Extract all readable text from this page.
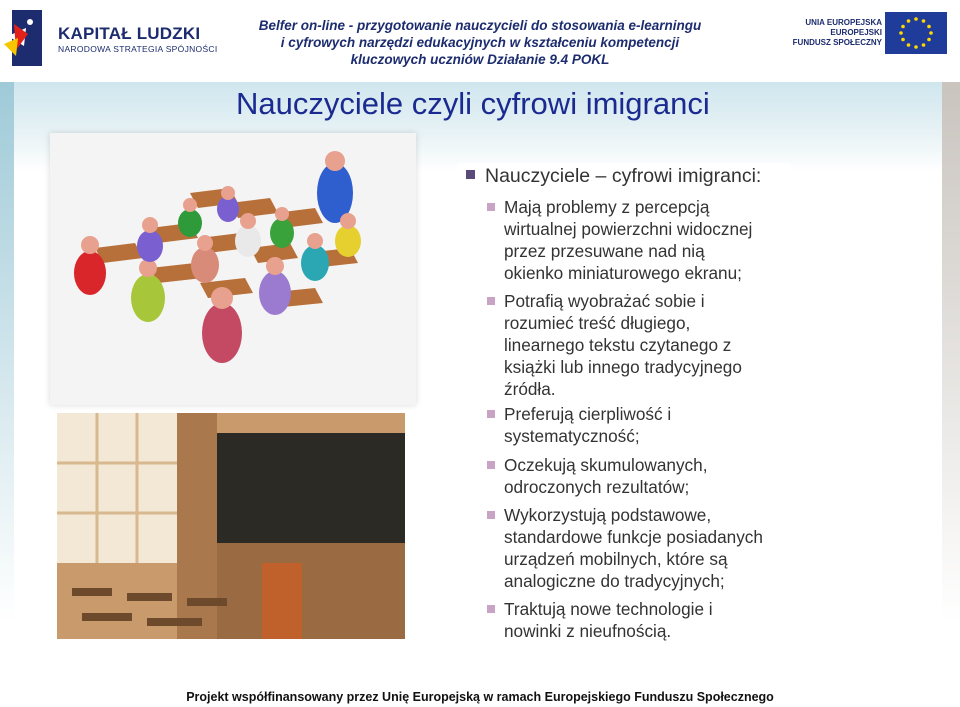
KAPITAŁ LUDZKI
NARODOWA STRATEGIA SPÓJNOŚCI
Belfer on-line - przygotowanie nauczycieli do stosowania e-learningu
i cyfrowych narzędzi edukacyjnych w kształceniu kompetencji
kluczowych uczniów Działanie 9.4 POKL
UNIA EUROPEJSKA
EUROPEJSKI
FUNDUSZ SPOŁECZNY
Nauczyciele czyli cyfrowi imigranci
Nauczyciele – cyfrowi imigranci:
Mają problemy z percepcją
wirtualnej powierzchni widocznej
przez przesuwane nad nią
okienko miniaturowego ekranu;
Potrafią wyobrażać sobie i
rozumieć treść długiego,
linearnego tekstu czytanego z
książki lub innego tradycyjnego
źródła.
Preferują cierpliwość i
systematyczność;
Oczekują skumulowanych,
odroczonych rezultatów;
Wykorzystują podstawowe,
standardowe funkcje posiadanych
urządzeń mobilnych, które są
analogiczne do tradycyjnych;
Traktują nowe technologie i
nowinki z nieufnością.
Projekt współfinansowany przez Unię Europejską w ramach Europejskiego Funduszu Społecznego
